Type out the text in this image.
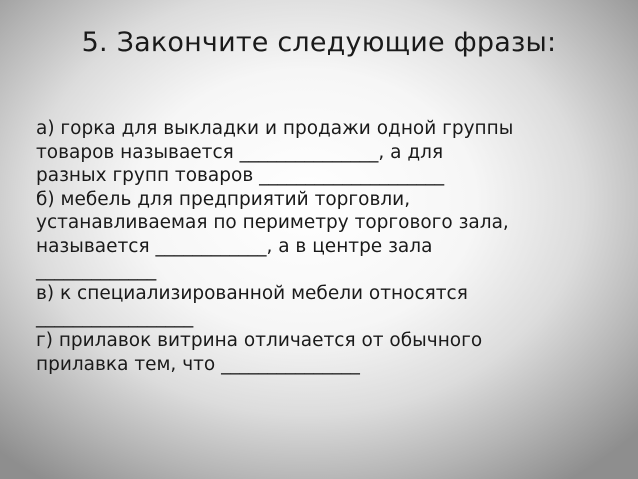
5. Закончите следующие фразы:

а) горка для выкладки и продажи одной группы
товаров называется _______________, а для
разных групп товаров ____________________

б) мебель для предприятий торговли,
устанавливаемая по периметру торгового зала,
называется ____________, а в центре зала
_____________

в) к специализированной мебели относятся
_________________

г) прилавок витрина отличается от обычного
прилавка тем, что _______________
